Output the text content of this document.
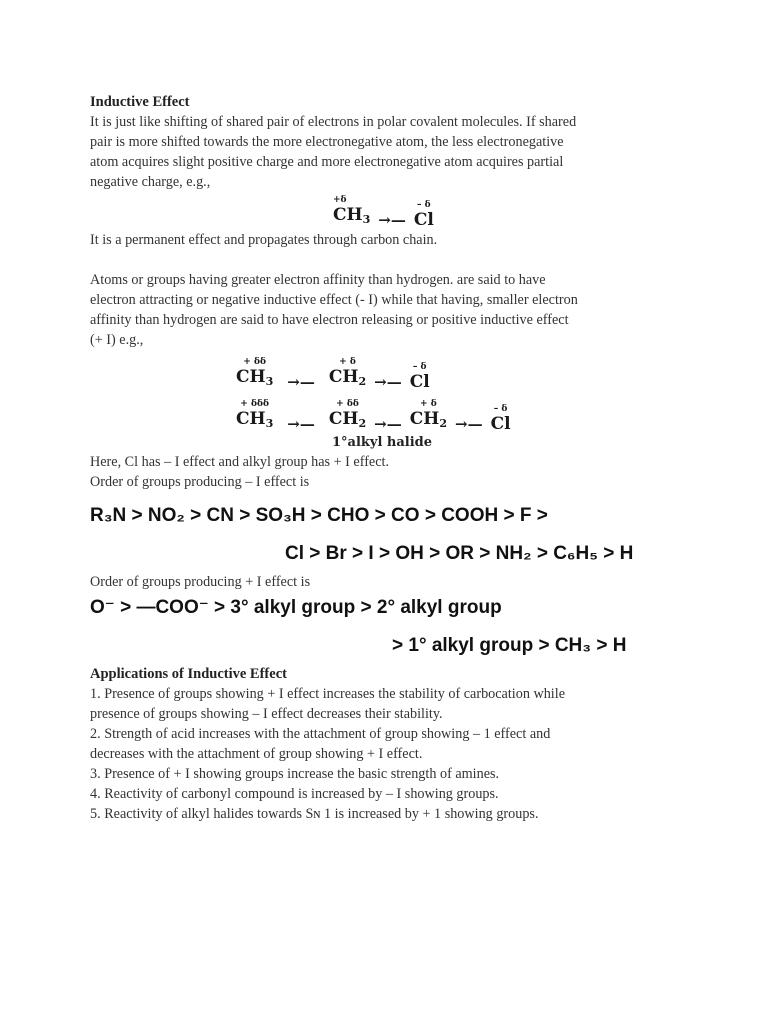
Inductive Effect

It is just like shifting of shared pair of electrons in polar covalent molecules. If shared

pair is more shifted towards the more electronegative atom, the less electronegative

atom acquires slight positive charge and more electronegative atom acquires partial

negative charge, e.g.,

+δ
$CH_3$ →—
– δ
Cl

It is a permanent effect and propagates through carbon chain.

Atoms or groups having greater electron affinity than hydrogen. are said to have

electron attracting or negative inductive effect (- I) while that having, smaller electron

affinity than hydrogen are said to have electron releasing or positive inductive effect

(+ I) e.g.,

+ δδ
$CH_3$ →—
+ δ
$CH_2$ →—
– δ
Cl
+ δδδ
$CH_3$ →—
+ δδ
$CH_2$ →—
+ δ
$CH_2$ →—
– δ
Cl
1°alkyl halide

Here, Cl has – I effect and alkyl group has + I effect.

Order of groups producing – I effect is

R₃N > NO₂ > CN > SO₃H > CHO > CO > COOH > F >
Cl > Br > I > OH > OR > NH₂ > C₆H₅ > H

Order of groups producing + I effect is

O⁻ > —COO⁻ > 3° alkyl group > 2° alkyl group
> 1° alkyl group > CH₃ > H

Applications of Inductive Effect

1. Presence of groups showing + I effect increases the stability of carbocation while

presence of groups showing – I effect decreases their stability.

2. Strength of acid increases with the attachment of group showing – 1 effect and

decreases with the attachment of group showing + I effect.

3. Presence of + I showing groups increase the basic strength of amines.

4. Reactivity of carbonyl compound is increased by – I showing groups.

5. Reactivity of alkyl halides towards Sɴ 1 is increased by + 1 showing groups.
